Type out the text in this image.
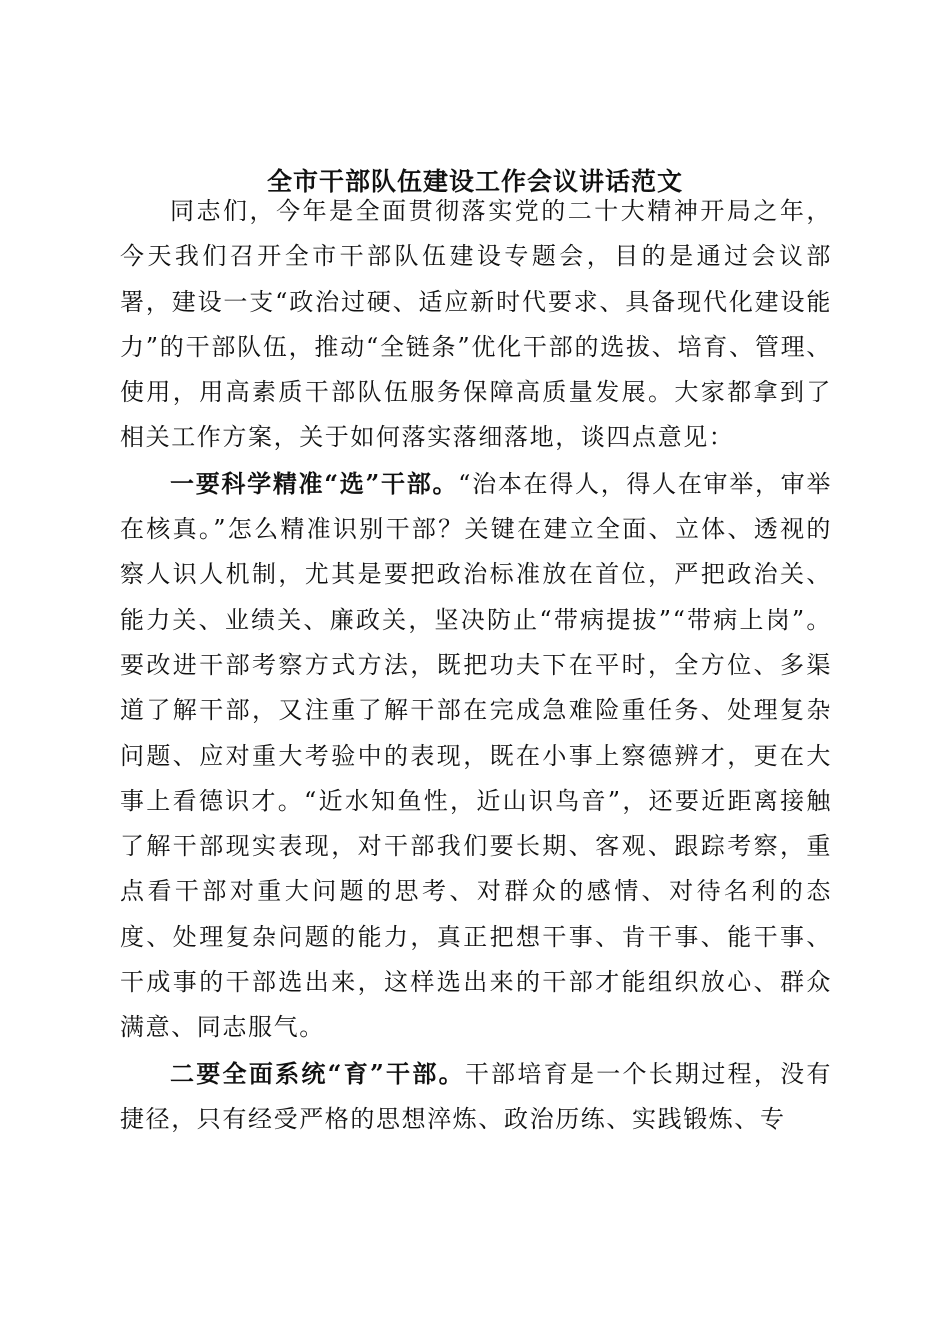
全市干部队伍建设工作会议讲话范文

同志们，今年是全面贯彻落实党的二十大精神开局之年，今天我们召开全市干部队伍建设专题会，目的是通过会议部署，建设一支“政治过硬、适应新时代要求、具备现代化建设能力”的干部队伍，推动“全链条”优化干部的选拔、培育、管理、使用，用高素质干部队伍服务保障高质量发展。大家都拿到了相关工作方案，关于如何落实落细落地，谈四点意见：

一要科学精准“选”干部。“治本在得人，得人在审举，审举在核真。”怎么精准识别干部？关键在建立全面、立体、透视的察人识人机制，尤其是要把政治标准放在首位，严把政治关、能力关、业绩关、廉政关，坚决防止“带病提拔”“带病上岗”。要改进干部考察方式方法，既把功夫下在平时，全方位、多渠道了解干部，又注重了解干部在完成急难险重任务、处理复杂问题、应对重大考验中的表现，既在小事上察德辨才，更在大事上看德识才。“近水知鱼性，近山识鸟音”，还要近距离接触了解干部现实表现，对干部我们要长期、客观、跟踪考察，重点看干部对重大问题的思考、对群众的感情、对待名利的态度、处理复杂问题的能力，真正把想干事、肯干事、能干事、干成事的干部选出来，这样选出来的干部才能组织放心、群众满意、同志服气。

二要全面系统“育”干部。干部培育是一个长期过程，没有捷径，只有经受严格的思想淬炼、政治历练、实践锻炼、专
